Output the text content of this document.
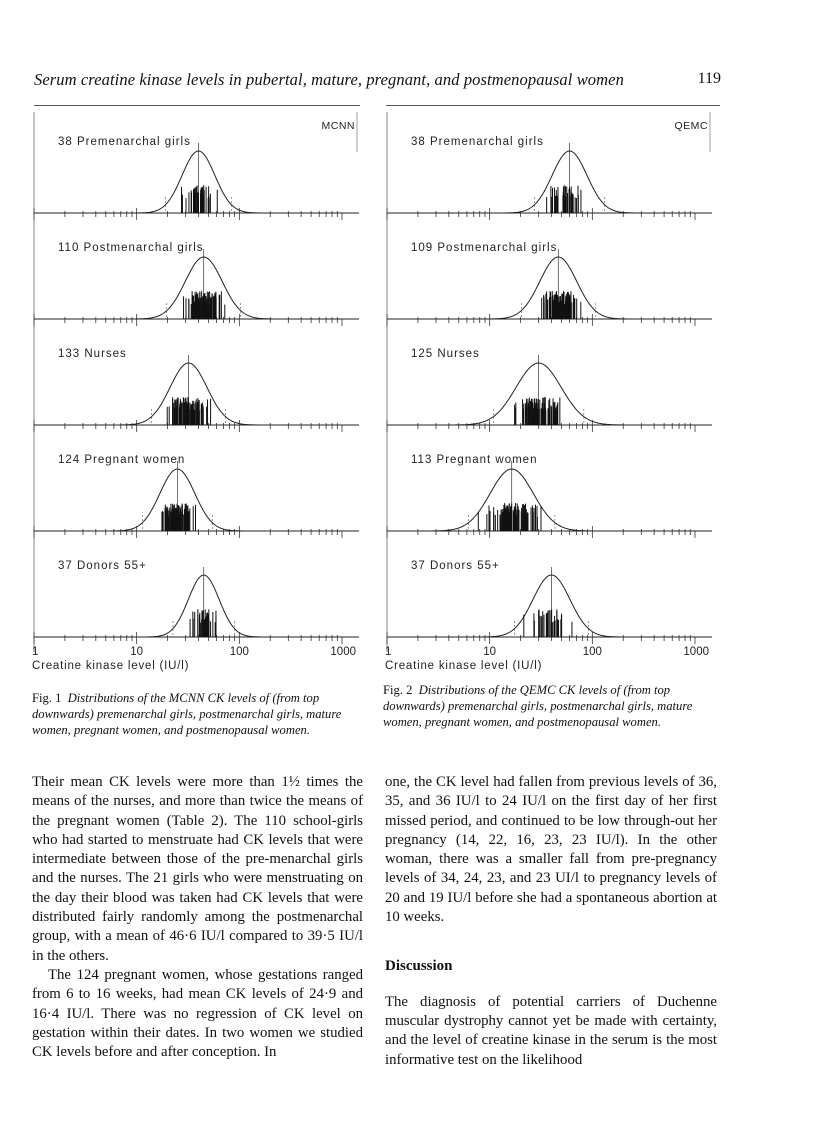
Serum creatine kinase levels in pubertal, mature, pregnant, and postmenopausal women	119
MCNN
38 Premenarchal girls
110 Postmenarchal girls
133 Nurses
124 Pregnant women
37 Donors 55+
1	10	100	1000
Creatine kinase level (IU/l)
QEMC
38 Premenarchal girls
109 Postmenarchal girls
125 Nurses
113 Pregnant women
37 Donors 55+
1	10	100	1000
Creatine kinase level (IU/l)
Fig. 1 Distributions of the MCNN CK levels of (from top downwards) premenarchal girls, postmenarchal girls, mature women, pregnant women, and postmenopausal women.
Fig. 2 Distributions of the QEMC CK levels of (from top downwards) premenarchal girls, postmenarchal girls, mature women, pregnant women, and postmenopausal women.

Their mean CK levels were more than 1½ times the means of the nurses, and more than twice the means of the pregnant women (Table 2). The 110 school-girls who had started to menstruate had CK levels that were intermediate between those of the pre-menarchal girls and the nurses. The 21 girls who were menstruating on the day their blood was taken had CK levels that were distributed fairly randomly among the postmenarchal group, with a mean of 46·6 IU/l compared to 39·5 IU/l in the others.

The 124 pregnant women, whose gestations ranged from 6 to 16 weeks, had mean CK levels of 24·9 and 16·4 IU/l. There was no regression of CK level on gestation within their dates. In two women we studied CK levels before and after conception. In

one, the CK level had fallen from previous levels of 36, 35, and 36 IU/l to 24 IU/l on the first day of her first missed period, and continued to be low through-out her pregnancy (14, 22, 16, 23, 23 IU/l). In the other woman, there was a smaller fall from pre-pregnancy levels of 34, 24, 23, and 23 UI/l to pregnancy levels of 20 and 19 IU/l before she had a spontaneous abortion at 10 weeks.

Discussion

The diagnosis of potential carriers of Duchenne muscular dystrophy cannot yet be made with certainty, and the level of creatine kinase in the serum is the most informative test on the likelihood
